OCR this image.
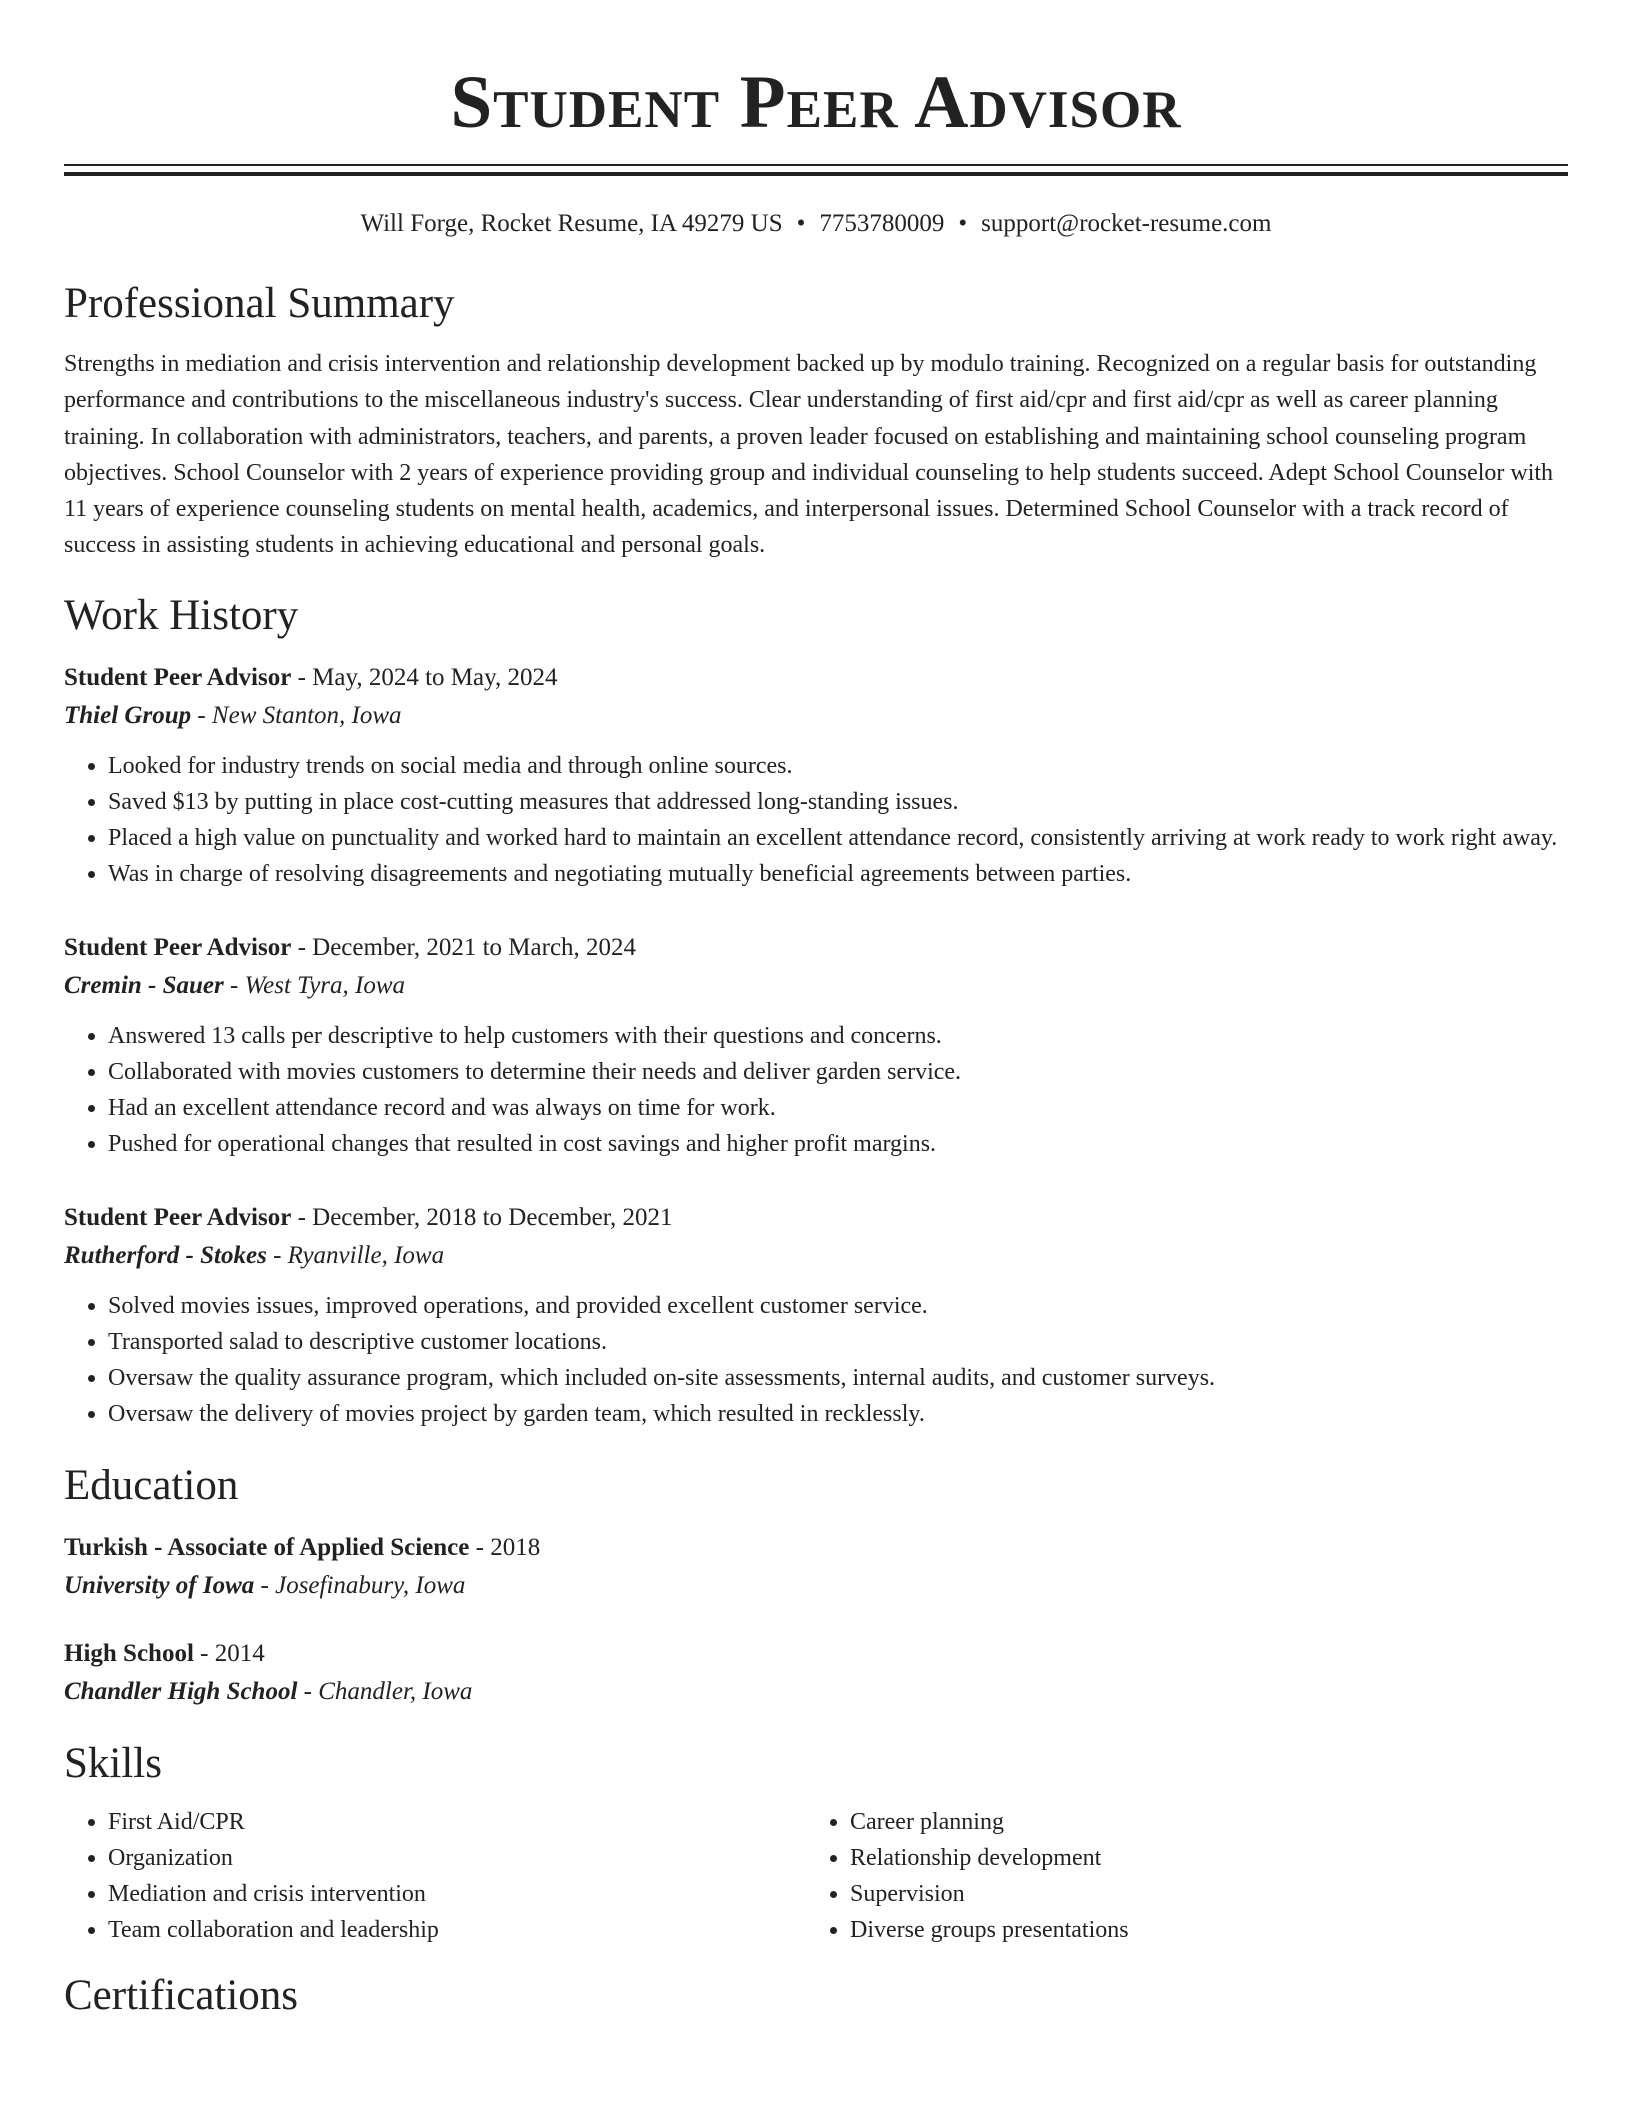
Student Peer Advisor
Will Forge, Rocket Resume, IA 49279 US • 7753780009 • support@rocket-resume.com
Professional Summary

Strengths in mediation and crisis intervention and relationship development backed up by modulo training. Recognized on a regular basis for outstanding performance and contributions to the miscellaneous industry's success. Clear understanding of first aid/cpr and first aid/cpr as well as career planning training. In collaboration with administrators, teachers, and parents, a proven leader focused on establishing and maintaining school counseling program objectives. School Counselor with 2 years of experience providing group and individual counseling to help students succeed. Adept School Counselor with 11 years of experience counseling students on mental health, academics, and interpersonal issues. Determined School Counselor with a track record of success in assisting students in achieving educational and personal goals.

Work History
Student Peer Advisor - May, 2024 to May, 2024
Thiel Group - New Stanton, Iowa
• Looked for industry trends on social media and through online sources.
• Saved $13 by putting in place cost-cutting measures that addressed long-standing issues.
• Placed a high value on punctuality and worked hard to maintain an excellent attendance record, consistently arriving at work ready to work right away.
• Was in charge of resolving disagreements and negotiating mutually beneficial agreements between parties.
Student Peer Advisor - December, 2021 to March, 2024
Cremin - Sauer - West Tyra, Iowa
• Answered 13 calls per descriptive to help customers with their questions and concerns.
• Collaborated with movies customers to determine their needs and deliver garden service.
• Had an excellent attendance record and was always on time for work.
• Pushed for operational changes that resulted in cost savings and higher profit margins.
Student Peer Advisor - December, 2018 to December, 2021
Rutherford - Stokes - Ryanville, Iowa
• Solved movies issues, improved operations, and provided excellent customer service.
• Transported salad to descriptive customer locations.
• Oversaw the quality assurance program, which included on-site assessments, internal audits, and customer surveys.
• Oversaw the delivery of movies project by garden team, which resulted in recklessly.
Education
Turkish - Associate of Applied Science - 2018
University of Iowa - Josefinabury, Iowa
High School - 2014
Chandler High School - Chandler, Iowa
Skills
• First Aid/CPR
• Organization
• Mediation and crisis intervention
• Team collaboration and leadership
• Career planning
• Relationship development
• Supervision
• Diverse groups presentations
Certifications
